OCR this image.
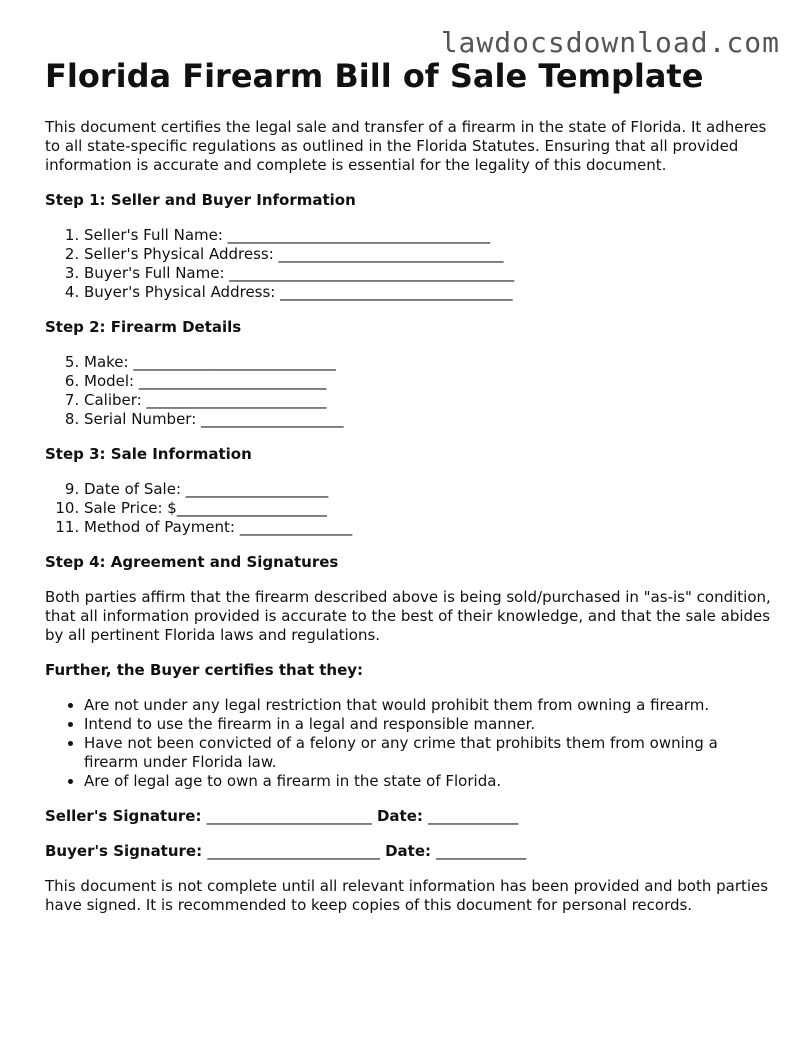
lawdocsdownload.com
Florida Firearm Bill of Sale Template

This document certifies the legal sale and transfer of a firearm in the state of Florida. It adheres to all state-specific regulations as outlined in the Florida Statutes. Ensuring that all provided information is accurate and complete is essential for the legality of this document.

Step 1: Seller and Buyer Information
1. Seller's Full Name: ___________________________________
2. Seller's Physical Address: ______________________________
3. Buyer's Full Name: ______________________________________
4. Buyer's Physical Address: _______________________________
Step 2: Firearm Details
5. Make: ___________________________
6. Model: _________________________
7. Caliber: ________________________
8. Serial Number: ___________________
Step 3: Sale Information
9. Date of Sale: ___________________
10. Sale Price: $____________________
11. Method of Payment: _______________
Step 4: Agreement and Signatures

Both parties affirm that the firearm described above is being sold/purchased in "as-is" condition, that all information provided is accurate to the best of their knowledge, and that the sale abides by all pertinent Florida laws and regulations.

Further, the Buyer certifies that they:
• Are not under any legal restriction that would prohibit them from owning a firearm.
• Intend to use the firearm in a legal and responsible manner.
• Have not been convicted of a felony or any crime that prohibits them from owning a firearm under Florida law.
• Are of legal age to own a firearm in the state of Florida.

Seller's Signature: ______________________ Date: ____________

Buyer's Signature: _______________________ Date: ____________

This document is not complete until all relevant information has been provided and both parties have signed. It is recommended to keep copies of this document for personal records.
